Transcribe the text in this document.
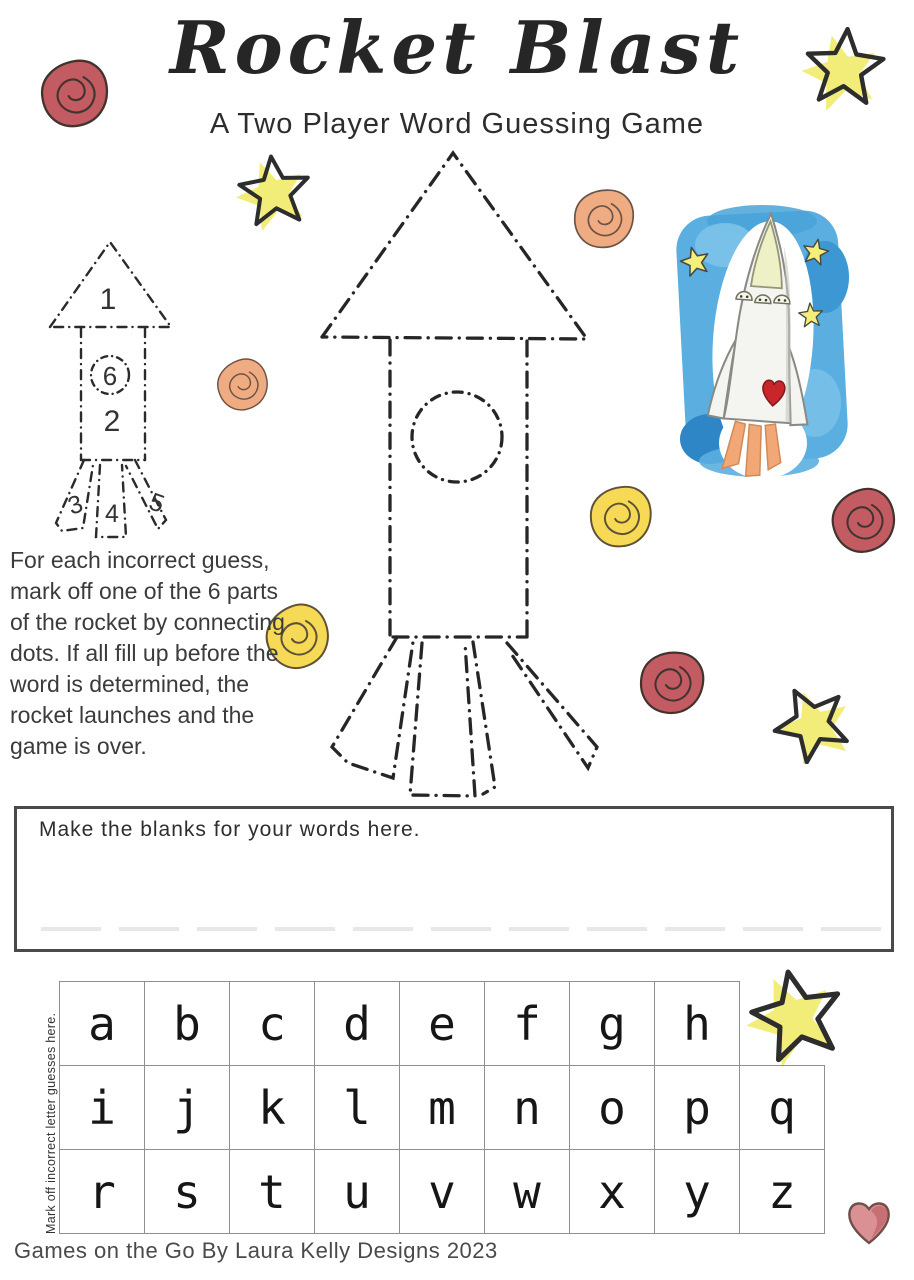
Rocket Blast
A Two Player Word Guessing Game
1
6
2
3 4 5
For each incorrect guess, mark off one of the 6 parts of the rocket by connecting dots. If all fill up before the word is determined, the rocket launches and the game is over.
Make the blanks for your words here.
Mark off incorrect letter guesses here. a	b	c	d	e	f	g	h
i	j	k	l	m	n	o	p	q
r	s	t	u	v	w	x	y	z
Games on the Go By Laura Kelly Designs 2023
